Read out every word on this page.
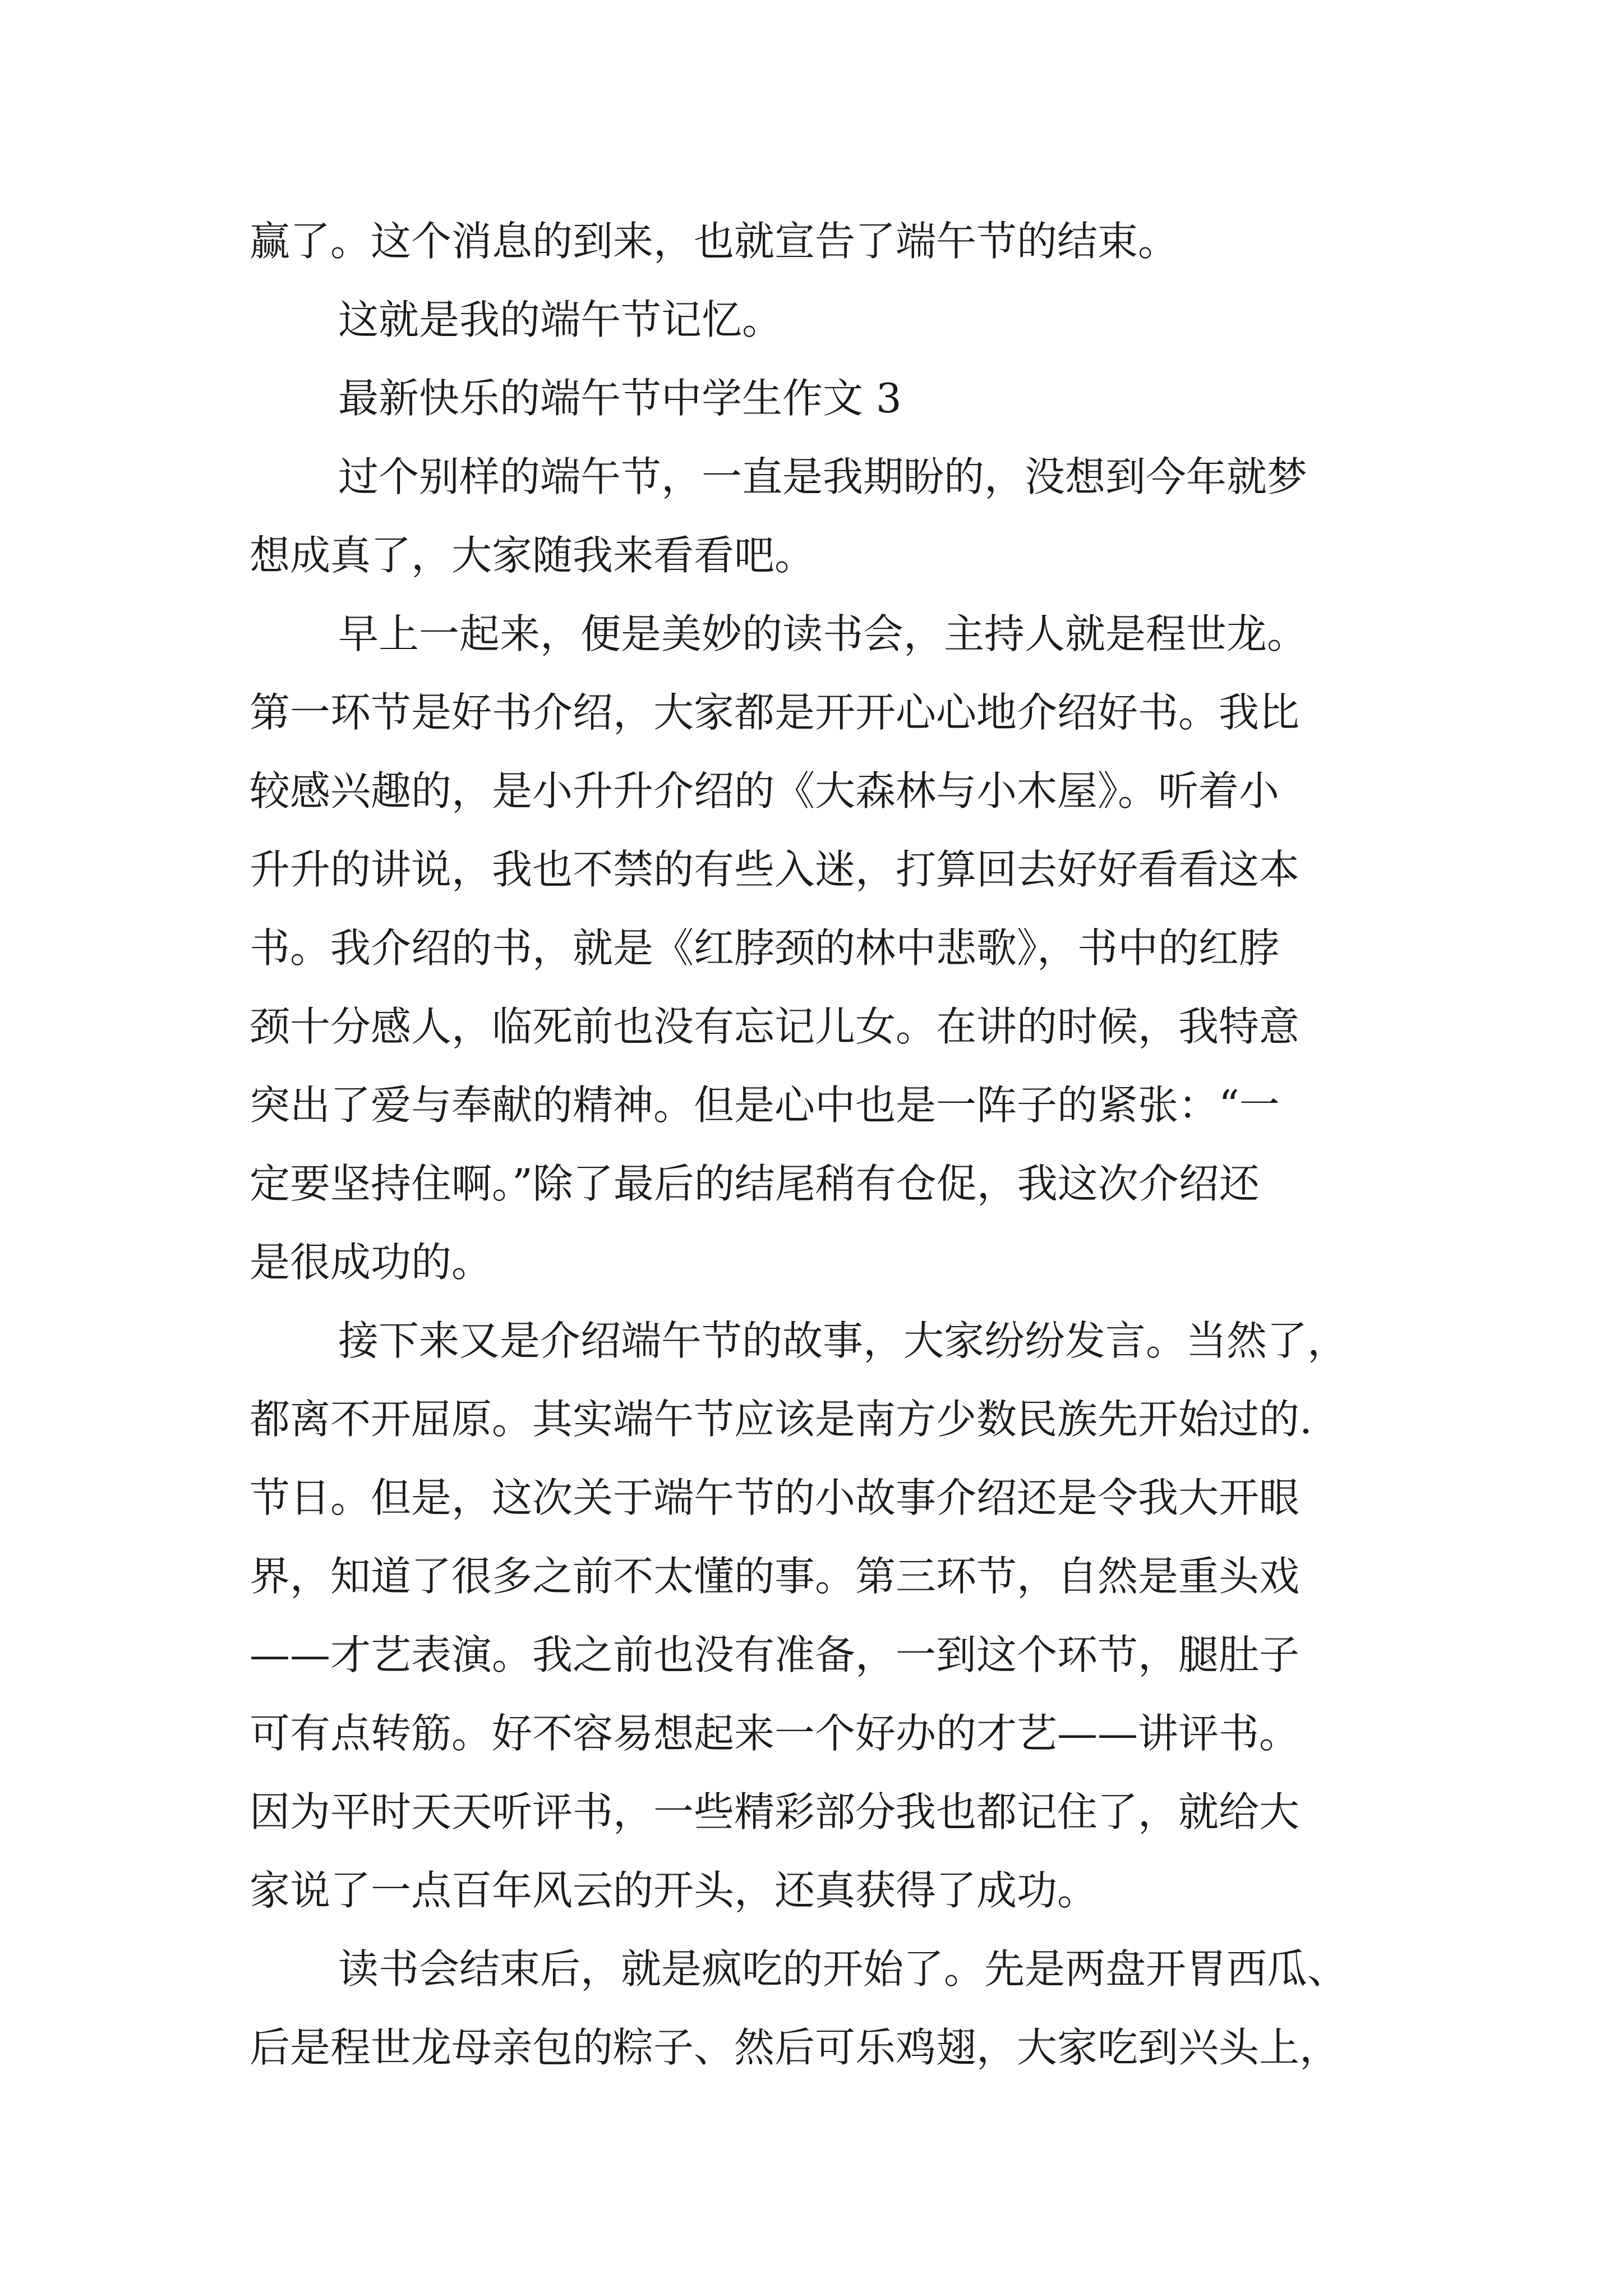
赢了。这个消息的到来，也就宣告了端午节的结束。
这就是我的端午节记忆。
最新快乐的端午节中学生作文 3
过个别样的端午节，一直是我期盼的，没想到今年就梦
想成真了，大家随我来看看吧。
早上一起来，便是美妙的读书会，主持人就是程世龙。
第一环节是好书介绍，大家都是开开心心地介绍好书。我比
较感兴趣的，是小升升介绍的《大森林与小木屋》。听着小
升升的讲说，我也不禁的有些入迷，打算回去好好看看这本
书。我介绍的书，就是《红脖颈的林中悲歌》，书中的红脖
颈十分感人，临死前也没有忘记儿女。在讲的时候，我特意
突出了爱与奉献的精神。但是心中也是一阵子的紧张：“一
定要坚持住啊。”除了最后的结尾稍有仓促，我这次介绍还
是很成功的。
接下来又是介绍端午节的故事，大家纷纷发言。当然了，
都离不开屈原。其实端午节应该是南方少数民族先开始过的.
节日。但是，这次关于端午节的小故事介绍还是令我大开眼
界，知道了很多之前不太懂的事。第三环节，自然是重头戏
——才艺表演。我之前也没有准备，一到这个环节，腿肚子
可有点转筋。好不容易想起来一个好办的才艺——讲评书。
因为平时天天听评书，一些精彩部分我也都记住了，就给大
家说了一点百年风云的开头，还真获得了成功。
读书会结束后，就是疯吃的开始了。先是两盘开胃西瓜、
后是程世龙母亲包的粽子、然后可乐鸡翅，大家吃到兴头上，
